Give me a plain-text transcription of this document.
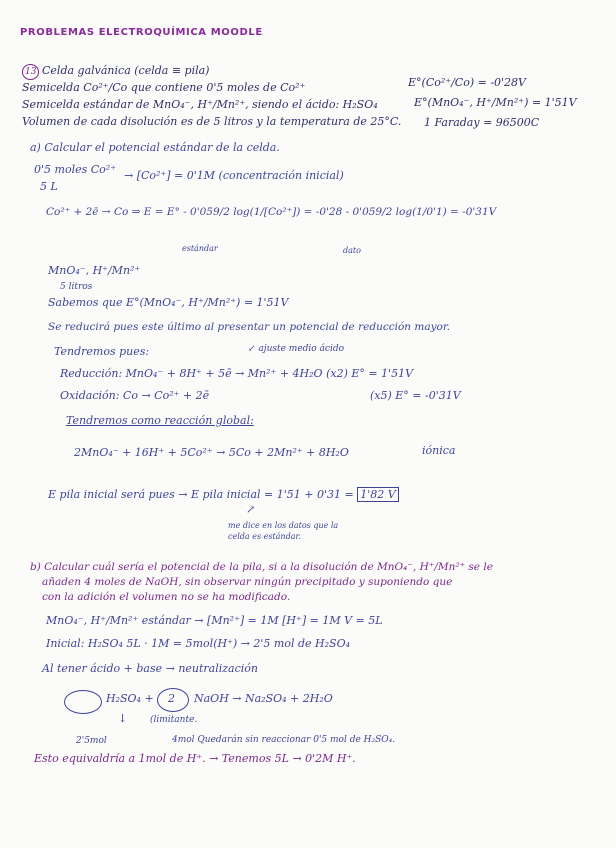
PROBLEMAS ELECTROQUÍMICA MOODLE
13 Celda galvánica (celda ≡ pila)
Semicelda Co²⁺/Co que contiene 0'5 moles de Co²⁺
Semicelda estándar de MnO₄⁻, H⁺/Mn²⁺, siendo el ácido: H₂SO₄
Volumen de cada disolución es de 5 litros y la temperatura de 25°C.
E°(Co²⁺/Co) = -0'28V
E°(MnO₄⁻, H⁺/Mn²⁺) = 1'51V
1 Faraday = 96500C
a) Calcular el potencial estándar de la celda.
0'5 moles Co²⁺
5 L
→ [Co²⁺] = 0'1M (concentración inicial)
Co²⁺ + 2ē → Co ⇒ E = E° - 0'059/2 log(1/[Co²⁺]) = -0'28 - 0'059/2 log(1/0'1) = -0'31V
estándar	dato
MnO₄⁻, H⁺/Mn²⁺
5 litros
Sabemos que E°(MnO₄⁻, H⁺/Mn²⁺) = 1'51V
Se reducirá pues este último al presentar un potencial de reducción mayor.
Tendremos pues:	↙ ajuste medio ácido
Reducción: MnO₄⁻ + 8H⁺ + 5ē → Mn²⁺ + 4H₂O (x2) E° = 1'51V
Oxidación: Co → Co²⁺ + 2ē	(x5) E° = -0'31V
Tendremos como reacción global:
2MnO₄⁻ + 16H⁺ + 5Co²⁺ → 5Co + 2Mn²⁺ + 8H₂O	iónica
E pila inicial será pues → E pila inicial = 1'51 + 0'31 = 1'82 V
↗
me dice en los datos que la celda es estándar.
b) Calcular cuál sería el potencial de la pila, si a la disolución de MnO₄⁻, H⁺/Mn²⁺ se le
añaden 4 moles de NaOH, sin observar ningún precipitado y suponiendo que
con la adición el volumen no se ha modificado.
MnO₄⁻, H⁺/Mn²⁺ estándar → [Mn²⁺] = 1M [H⁺] = 1M V = 5L
Inicial: H₂SO₄ 5L · 1M = 5mol(H⁺) → 2'5 mol de H₂SO₄
Al tener ácido + base → neutralización
H₂SO₄ + 2 NaOH → Na₂SO₄ + 2H₂O
↓	(limitante.
2'5mol	4mol Quedarán sin reaccionar 0'5 mol de H₂SO₄.
Esto equivaldría a 1mol de H⁺. → Tenemos 5L → 0'2M H⁺.
